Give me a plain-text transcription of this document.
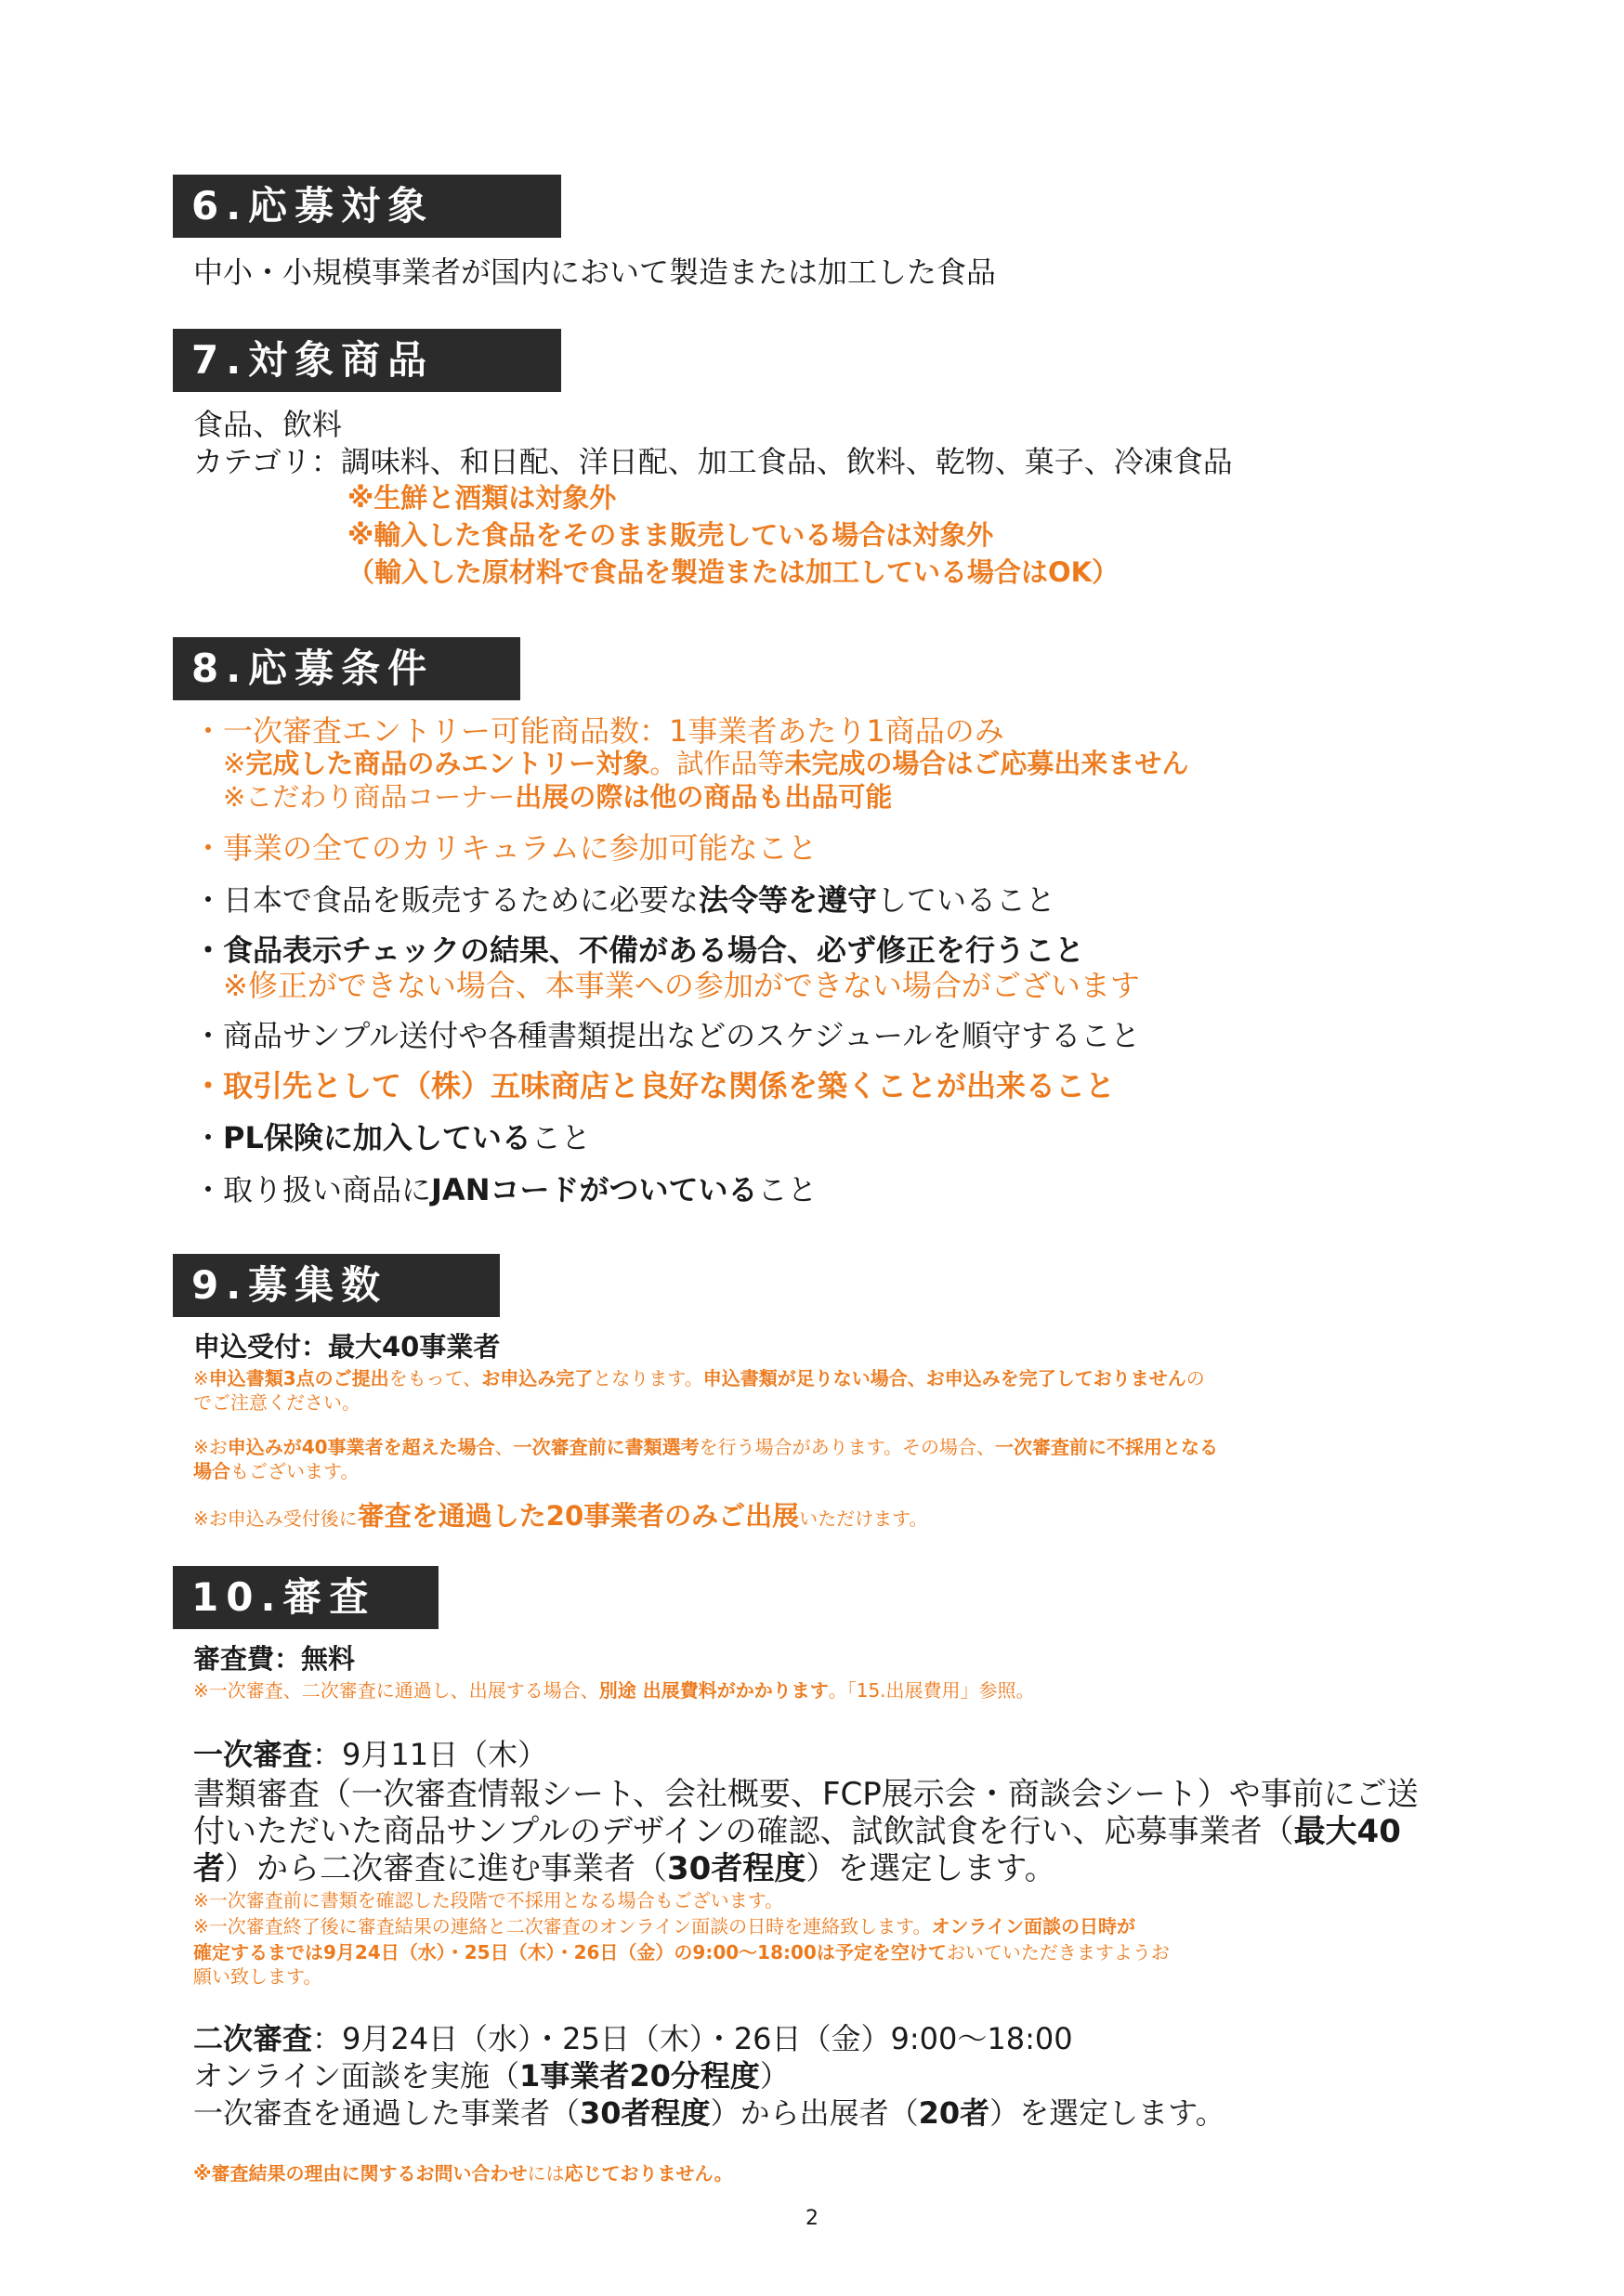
6.応募対象
中小・小規模事業者が国内において製造または加工した食品
7.対象商品
食品、飲料
カテゴリ：調味料、和日配、洋日配、加工食品、飲料、乾物、菓子、冷凍食品
※生鮮と酒類は対象外
※輸入した食品をそのまま販売している場合は対象外
（輸入した原材料で食品を製造または加工している場合はOK）
8.応募条件
・一次審査エントリー可能商品数：1事業者あたり1商品のみ
※完成した商品のみエントリー対象。試作品等未完成の場合はご応募出来ません
※こだわり商品コーナー出展の際は他の商品も出品可能
・事業の全てのカリキュラムに参加可能なこと
・日本で食品を販売するために必要な法令等を遵守していること
・食品表示チェックの結果、不備がある場合、必ず修正を行うこと
※修正ができない場合、本事業への参加ができない場合がございます
・商品サンプル送付や各種書類提出などのスケジュールを順守すること
・取引先として（株）五味商店と良好な関係を築くことが出来ること
・PL保険に加入していること
・取り扱い商品にJANコードがついていること
9.募集数
申込受付：最大40事業者
※申込書類3点のご提出をもって、お申込み完了となります。申込書類が足りない場合、お申込みを完了しておりませんの
でご注意ください。
※お申込みが40事業者を超えた場合、一次審査前に書類選考を行う場合があります。その場合、一次審査前に不採用となる
場合もございます。
※お申込み受付後に審査を通過した20事業者のみご出展いただけます。
10.審査
審査費：無料
※一次審査、二次審査に通過し、出展する場合、別途 出展費料がかかります。「15.出展費用」参照。
一次審査：9月11日（木）
書類審査（一次審査情報シート、会社概要、FCP展示会・商談会シート）や事前にご送
付いただいた商品サンプルのデザインの確認、試飲試食を行い、応募事業者（最大40
者）から二次審査に進む事業者（30者程度）を選定します。
※一次審査前に書類を確認した段階で不採用となる場合もございます。
※一次審査終了後に審査結果の連絡と二次審査のオンライン面談の日時を連絡致します。オンライン面談の日時が
確定するまでは9月24日（水）・25日（木）・26日（金）の9:00～18:00は予定を空けておいていただきますようお
願い致します。
二次審査：9月24日（水）・25日（木）・26日（金）9:00～18:00
オンライン面談を実施（1事業者20分程度）
一次審査を通過した事業者（30者程度）から出展者（20者）を選定します。
※審査結果の理由に関するお問い合わせには応じておりません。
2
